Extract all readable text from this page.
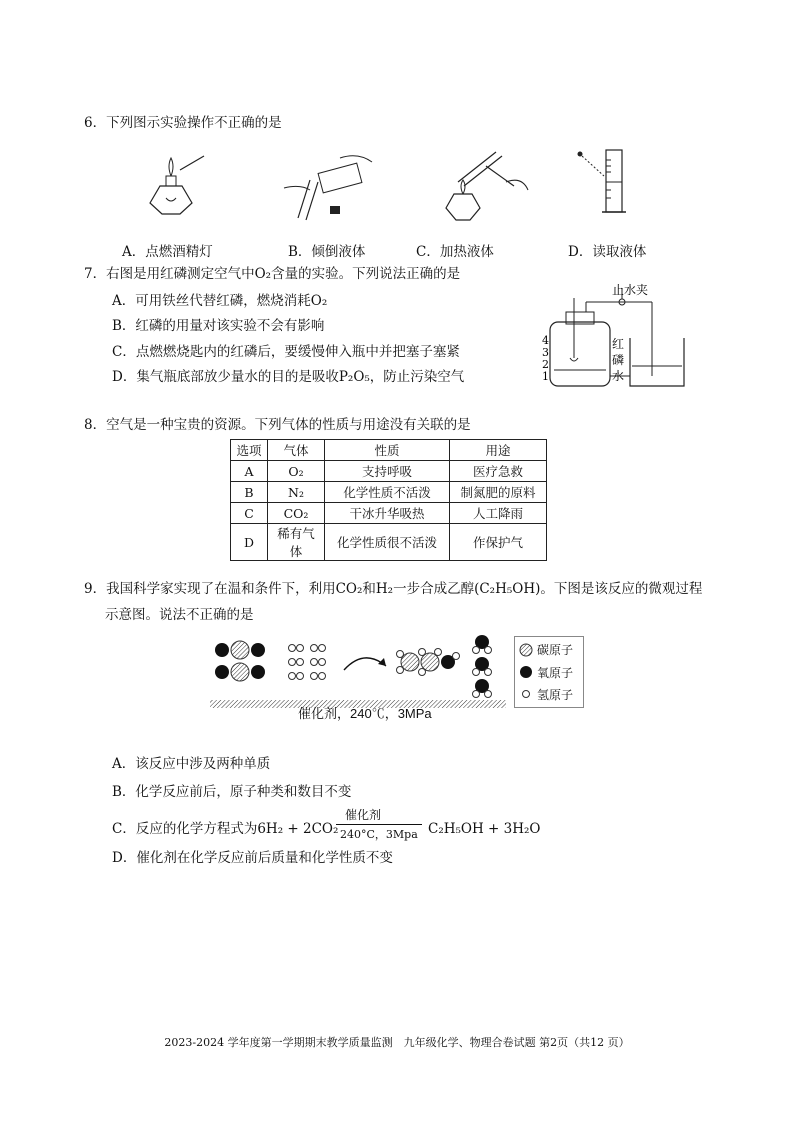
6．下列图示实验操作不正确的是
A．点燃酒精灯	B．倾倒液体	C．加热液体	D．读取液体
7．右图是用红磷测定空气中O₂含量的实验。下列说法正确的是
A．可用铁丝代替红磷，燃烧消耗O₂
B．红磷的用量对该实验不会有影响
C．点燃燃烧匙内的红磷后，要缓慢伸入瓶中并把塞子塞紧
D．集气瓶底部放少量水的目的是吸收P₂O₅，防止污染空气
止水夹
4
3
2
1
红
磷
水
8．空气是一种宝贵的资源。下列气体的性质与用途没有关联的是
选项	气体	性质	用途
A	O₂	支持呼吸	医疗急救
B	N₂	化学性质不活泼	制氮肥的原料
C	CO₂	干冰升华吸热	人工降雨
D	稀有气体	化学性质很不活泼	作保护气
9．我国科学家实现了在温和条件下，利用CO₂和H₂一步合成乙醇(C₂H₅OH)。下图是该反应的微观过程
示意图。说法不正确的是
碳原子
氧原子
氢原子
催化剂，240℃，3MPa
A．该反应中涉及两种单质
B．化学反应前后，原子种类和数目不变
C．反应的化学方程式为6H₂ + 2CO₂
催化剂
240°C，3Mpa C₂H₅OH + 3H₂O
D．催化剂在化学反应前后质量和化学性质不变
2023-2024 学年度第一学期期末教学质量监测　九年级化学、物理合卷试题 第2页（共12 页）
